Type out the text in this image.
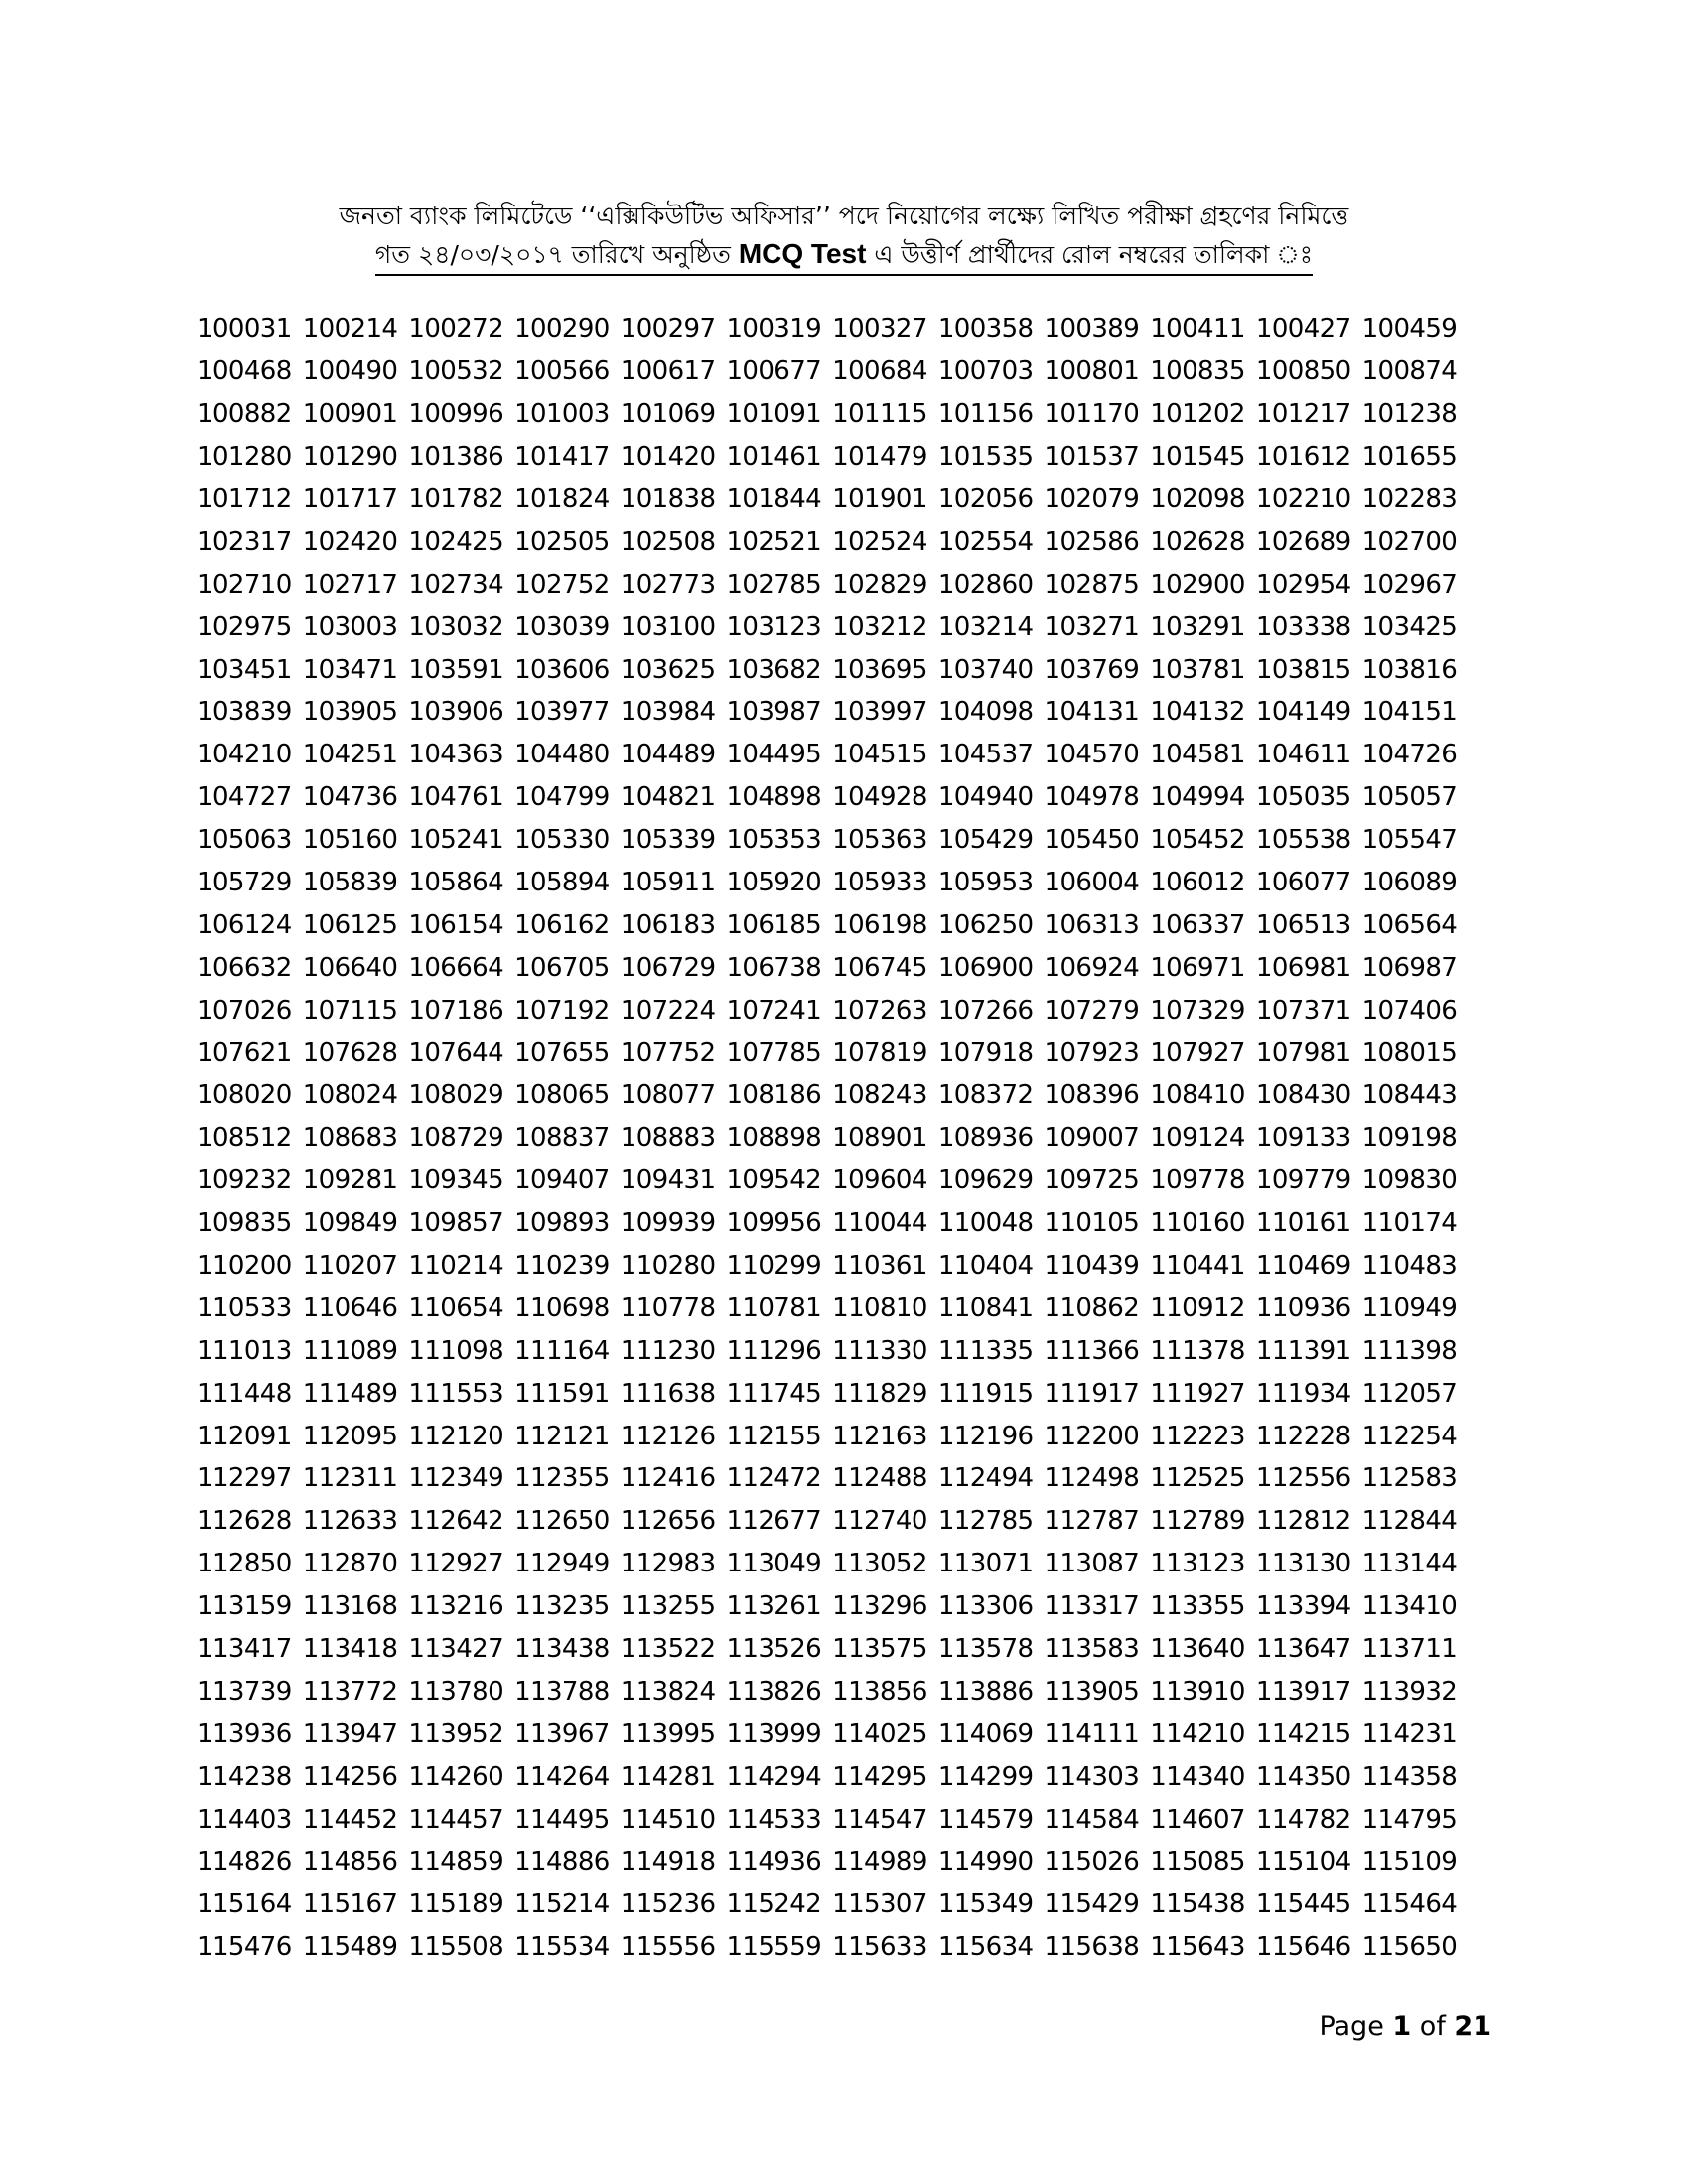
জনতা ব্যাংক লিমিটেডে ‘‘এক্সিকিউটিভ অফিসার’’ পদে নিয়োগের লক্ষ্যে লিখিত পরীক্ষা গ্রহণের নিমিত্তে
গত ২৪/০৩/২০১৭ তারিখে অনুষ্ঠিত MCQ Test এ উত্তীর্ণ প্রার্থীদের রোল নম্বরের তালিকা ঃ
100031 100214 100272 100290 100297 100319 100327 100358 100389 100411 100427 100459
100468 100490 100532 100566 100617 100677 100684 100703 100801 100835 100850 100874
100882 100901 100996 101003 101069 101091 101115 101156 101170 101202 101217 101238
101280 101290 101386 101417 101420 101461 101479 101535 101537 101545 101612 101655
101712 101717 101782 101824 101838 101844 101901 102056 102079 102098 102210 102283
102317 102420 102425 102505 102508 102521 102524 102554 102586 102628 102689 102700
102710 102717 102734 102752 102773 102785 102829 102860 102875 102900 102954 102967
102975 103003 103032 103039 103100 103123 103212 103214 103271 103291 103338 103425
103451 103471 103591 103606 103625 103682 103695 103740 103769 103781 103815 103816
103839 103905 103906 103977 103984 103987 103997 104098 104131 104132 104149 104151
104210 104251 104363 104480 104489 104495 104515 104537 104570 104581 104611 104726
104727 104736 104761 104799 104821 104898 104928 104940 104978 104994 105035 105057
105063 105160 105241 105330 105339 105353 105363 105429 105450 105452 105538 105547
105729 105839 105864 105894 105911 105920 105933 105953 106004 106012 106077 106089
106124 106125 106154 106162 106183 106185 106198 106250 106313 106337 106513 106564
106632 106640 106664 106705 106729 106738 106745 106900 106924 106971 106981 106987
107026 107115 107186 107192 107224 107241 107263 107266 107279 107329 107371 107406
107621 107628 107644 107655 107752 107785 107819 107918 107923 107927 107981 108015
108020 108024 108029 108065 108077 108186 108243 108372 108396 108410 108430 108443
108512 108683 108729 108837 108883 108898 108901 108936 109007 109124 109133 109198
109232 109281 109345 109407 109431 109542 109604 109629 109725 109778 109779 109830
109835 109849 109857 109893 109939 109956 110044 110048 110105 110160 110161 110174
110200 110207 110214 110239 110280 110299 110361 110404 110439 110441 110469 110483
110533 110646 110654 110698 110778 110781 110810 110841 110862 110912 110936 110949
111013 111089 111098 111164 111230 111296 111330 111335 111366 111378 111391 111398
111448 111489 111553 111591 111638 111745 111829 111915 111917 111927 111934 112057
112091 112095 112120 112121 112126 112155 112163 112196 112200 112223 112228 112254
112297 112311 112349 112355 112416 112472 112488 112494 112498 112525 112556 112583
112628 112633 112642 112650 112656 112677 112740 112785 112787 112789 112812 112844
112850 112870 112927 112949 112983 113049 113052 113071 113087 113123 113130 113144
113159 113168 113216 113235 113255 113261 113296 113306 113317 113355 113394 113410
113417 113418 113427 113438 113522 113526 113575 113578 113583 113640 113647 113711
113739 113772 113780 113788 113824 113826 113856 113886 113905 113910 113917 113932
113936 113947 113952 113967 113995 113999 114025 114069 114111 114210 114215 114231
114238 114256 114260 114264 114281 114294 114295 114299 114303 114340 114350 114358
114403 114452 114457 114495 114510 114533 114547 114579 114584 114607 114782 114795
114826 114856 114859 114886 114918 114936 114989 114990 115026 115085 115104 115109
115164 115167 115189 115214 115236 115242 115307 115349 115429 115438 115445 115464
115476 115489 115508 115534 115556 115559 115633 115634 115638 115643 115646 115650
Page 1 of 21
